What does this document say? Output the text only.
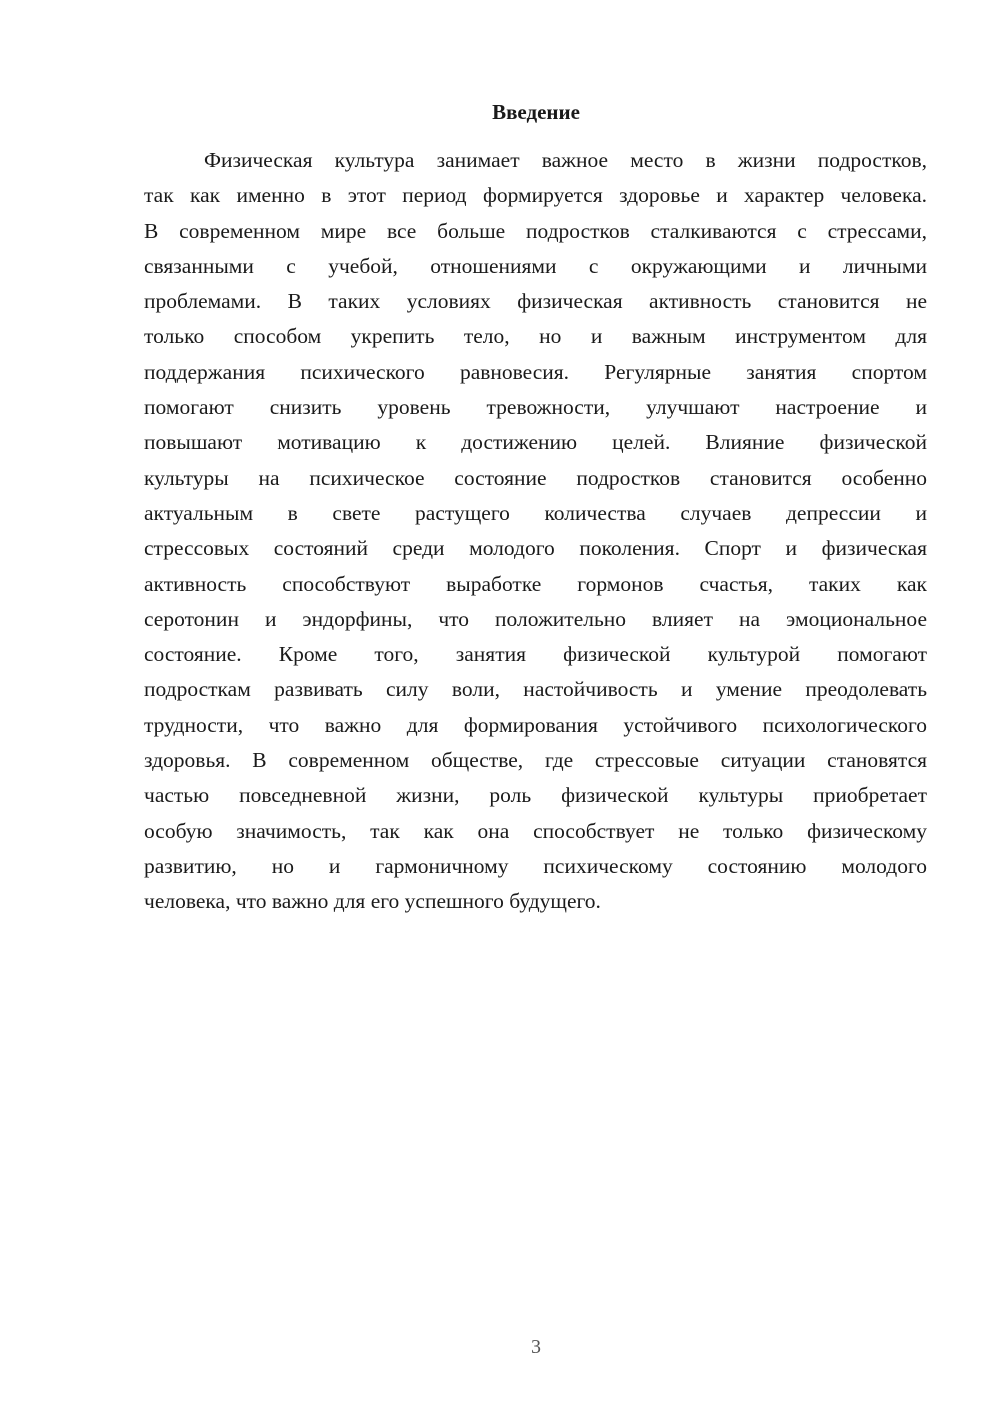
Введение
Физическая культура занимает важное место в жизни подростков,
так как именно в этот период формируется здоровье и характер человека.
В современном мире все больше подростков сталкиваются с стрессами,
связанными с учебой, отношениями с окружающими и личными
проблемами. В таких условиях физическая активность становится не
только способом укрепить тело, но и важным инструментом для
поддержания психического равновесия. Регулярные занятия спортом
помогают снизить уровень тревожности, улучшают настроение и
повышают мотивацию к достижению целей. Влияние физической
культуры на психическое состояние подростков становится особенно
актуальным в свете растущего количества случаев депрессии и
стрессовых состояний среди молодого поколения. Спорт и физическая
активность способствуют выработке гормонов счастья, таких как
серотонин и эндорфины, что положительно влияет на эмоциональное
состояние. Кроме того, занятия физической культурой помогают
подросткам развивать силу воли, настойчивость и умение преодолевать
трудности, что важно для формирования устойчивого психологического
здоровья. В современном обществе, где стрессовые ситуации становятся
частью повседневной жизни, роль физической культуры приобретает
особую значимость, так как она способствует не только физическому
развитию, но и гармоничному психическому состоянию молодого
человека, что важно для его успешного будущего.
3
